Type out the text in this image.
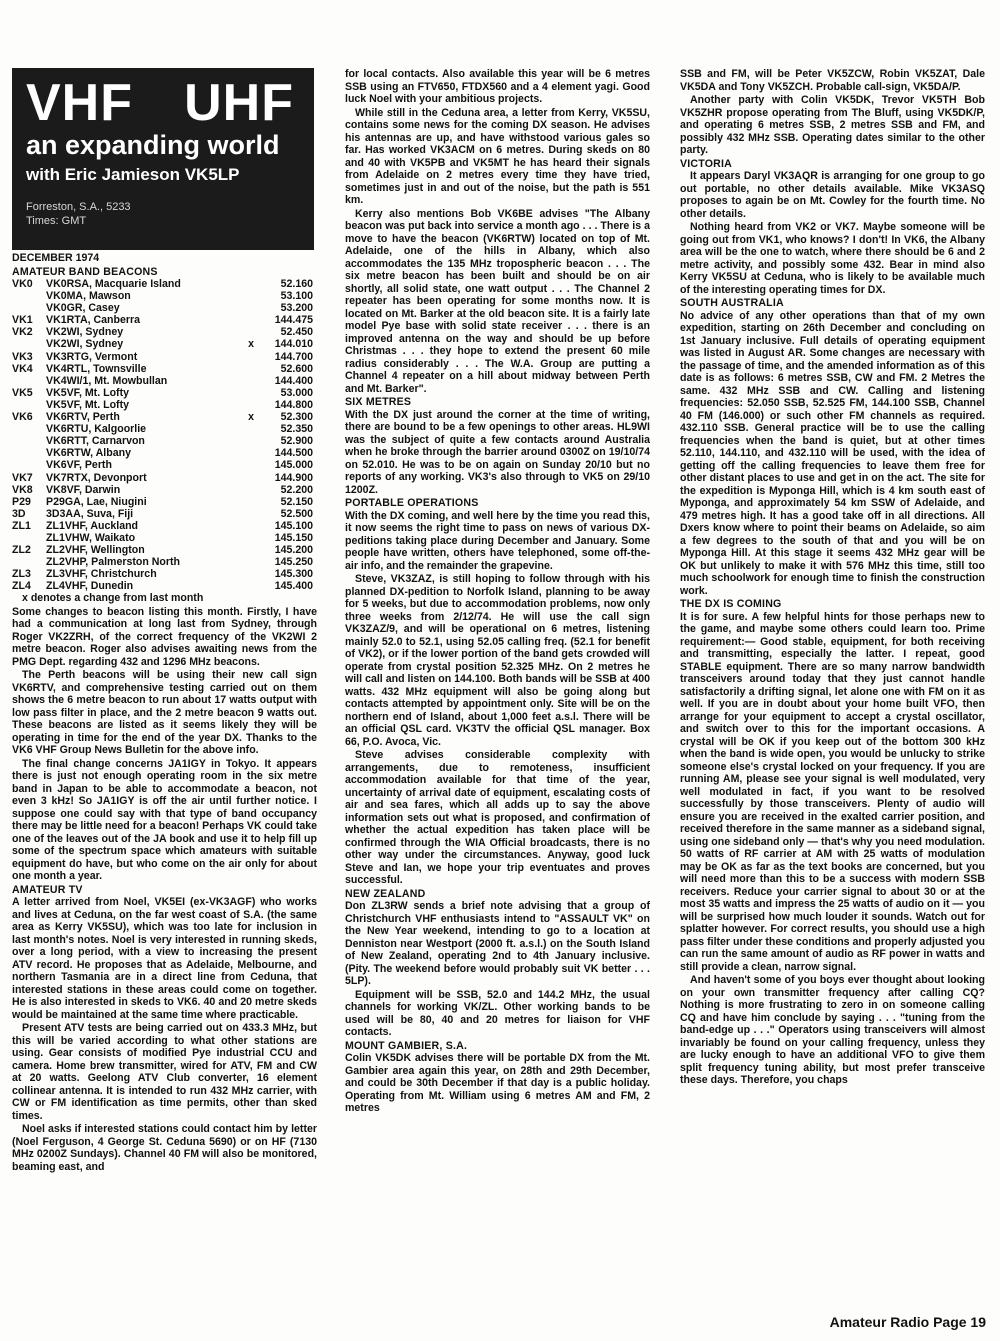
VHF UHF
an expanding world
with Eric Jamieson VK5LP
Forreston, S.A., 5233
Times: GMT
DECEMBER 1974
AMATEUR BAND BEACONS
VK0	VK0RSA, Macquarie Island		52.160
	VK0MA, Mawson		53.100
	VK0GR, Casey		53.200
VK1	VK1RTA, Canberra		144.475
VK2	VK2WI, Sydney		52.450
	VK2WI, Sydney	x	144.010
VK3	VK3RTG, Vermont		144.700
VK4	VK4RTL, Townsville		52.600
	VK4WI/1, Mt. Mowbullan		144.400
VK5	VK5VF, Mt. Lofty		53.000
	VK5VF, Mt. Lofty		144.800
VK6	VK6RTV, Perth	x	52.300
	VK6RTU, Kalgoorlie		52.350
	VK6RTT, Carnarvon		52.900
	VK6RTW, Albany		144.500
	VK6VF, Perth		145.000
VK7	VK7RTX, Devonport		144.900
VK8	VK8VF, Darwin		52.200
P29	P29GA, Lae, Niugini		52.150
3D	3D3AA, Suva, Fiji		52.500
ZL1	ZL1VHF, Auckland		145.100
	ZL1VHW, Waikato		145.150
ZL2	ZL2VHF, Wellington		145.200
	ZL2VHP, Palmerston North		145.250
ZL3	ZL3VHF, Christchurch		145.300
ZL4	ZL4VHF, Dunedin		145.400

x denotes a change from last month

Some changes to beacon listing this month. Firstly, I have had a communication at long last from Sydney, through Roger VK2ZRH, of the correct frequency of the VK2WI 2 metre beacon. Roger also advises awaiting news from the PMG Dept. regarding 432 and 1296 MHz beacons.

The Perth beacons will be using their new call sign VK6RTV, and comprehensive testing carried out on them shows the 6 metre beacon to run about 17 watts output with low pass filter in place, and the 2 metre beacon 9 watts out. These beacons are listed as it seems likely they will be operating in time for the end of the year DX. Thanks to the VK6 VHF Group News Bulletin for the above info.

The final change concerns JA1IGY in Tokyo. It appears there is just not enough operating room in the six metre band in Japan to be able to accommodate a beacon, not even 3 kHz! So JA1IGY is off the air until further notice. I suppose one could say with that type of band occupancy there may be little need for a beacon! Perhaps VK could take one of the leaves out of the JA book and use it to help fill up some of the spectrum space which amateurs with suitable equipment do have, but who come on the air only for about one month a year.

AMATEUR TV

A letter arrived from Noel, VK5EI (ex-VK3AGF) who works and lives at Ceduna, on the far west coast of S.A. (the same area as Kerry VK5SU), which was too late for inclusion in last month's notes. Noel is very interested in running skeds, over a long period, with a view to increasing the present ATV record. He proposes that as Adelaide, Melbourne, and northern Tasmania are in a direct line from Ceduna, that interested stations in these areas could come on together. He is also interested in skeds to VK6. 40 and 20 metre skeds would be maintained at the same time where practicable.

Present ATV tests are being carried out on 433.3 MHz, but this will be varied according to what other stations are using. Gear consists of modified Pye industrial CCU and camera. Home brew transmitter, wired for ATV, FM and CW at 20 watts. Geelong ATV Club converter, 16 element collinear antenna. It is intended to run 432 MHz carrier, with CW or FM identification as time permits, other than sked times.

Noel asks if interested stations could contact him by letter (Noel Ferguson, 4 George St. Ceduna 5690) or on HF (7130 MHz 0200Z Sundays). Channel 40 FM will also be monitored, beaming east, and

for local contacts. Also available this year will be 6 metres SSB using an FTV650, FTDX560 and a 4 element yagi. Good luck Noel with your ambitious projects.

While still in the Ceduna area, a letter from Kerry, VK5SU, contains some news for the coming DX season. He advises his antennas are up, and have withstood various gales so far. Has worked VK3ACM on 6 metres. During skeds on 80 and 40 with VK5PB and VK5MT he has heard their signals from Adelaide on 2 metres every time they have tried, sometimes just in and out of the noise, but the path is 551 km.

Kerry also mentions Bob VK6BE advises "The Albany beacon was put back into service a month ago . . . There is a move to have the beacon (VK6RTW) located on top of Mt. Adelaide, one of the hills in Albany, which also accommodates the 135 MHz tropospheric beacon . . . The six metre beacon has been built and should be on air shortly, all solid state, one watt output . . . The Channel 2 repeater has been operating for some months now. It is located on Mt. Barker at the old beacon site. It is a fairly late model Pye base with solid state receiver . . . there is an improved antenna on the way and should be up before Christmas . . . they hope to extend the present 60 mile radius considerably . . . The W.A. Group are putting a Channel 4 repeater on a hill about midway between Perth and Mt. Barker".

SIX METRES

With the DX just around the corner at the time of writing, there are bound to be a few openings to other areas. HL9WI was the subject of quite a few contacts around Australia when he broke through the barrier around 0300Z on 19/10/74 on 52.010. He was to be on again on Sunday 20/10 but no reports of any working. VK3's also through to VK5 on 29/10 1200Z.

PORTABLE OPERATIONS

With the DX coming, and well here by the time you read this, it now seems the right time to pass on news of various DX-peditions taking place during December and January. Some people have written, others have telephoned, some off-the-air info, and the remainder the grapevine.

Steve, VK3ZAZ, is still hoping to follow through with his planned DX-pedition to Norfolk Island, planning to be away for 5 weeks, but due to accommodation problems, now only three weeks from 2/12/74. He will use the call sign VK3ZAZ/9, and will be operational on 6 metres, listening mainly 52.0 to 52.1, using 52.05 calling freq. (52.1 for benefit of VK2), or if the lower portion of the band gets crowded will operate from crystal position 52.325 MHz. On 2 metres he will call and listen on 144.100. Both bands will be SSB at 400 watts. 432 MHz equipment will also be going along but contacts attempted by appointment only. Site will be on the northern end of Island, about 1,000 feet a.s.l. There will be an official QSL card. VK3TV the official QSL manager. Box 66, P.O. Avoca, Vic.

Steve advises considerable complexity with arrangements, due to remoteness, insufficient accommodation available for that time of the year, uncertainty of arrival date of equipment, escalating costs of air and sea fares, which all adds up to say the above information sets out what is proposed, and confirmation of whether the actual expedition has taken place will be confirmed through the WIA Official broadcasts, there is no other way under the circumstances. Anyway, good luck Steve and Ian, we hope your trip eventuates and proves successful.

NEW ZEALAND

Don ZL3RW sends a brief note advising that a group of Christchurch VHF enthusiasts intend to "ASSAULT VK" on the New Year weekend, intending to go to a location at Denniston near Westport (2000 ft. a.s.l.) on the South Island of New Zealand, operating 2nd to 4th January inclusive. (Pity. The weekend before would probably suit VK better . . . 5LP).

Equipment will be SSB, 52.0 and 144.2 MHz, the usual channels for working VK/ZL. Other working bands to be used will be 80, 40 and 20 metres for liaison for VHF contacts.

MOUNT GAMBIER, S.A.

Colin VK5DK advises there will be portable DX from the Mt. Gambier area again this year, on 28th and 29th December, and could be 30th December if that day is a public holiday. Operating from Mt. William using 6 metres AM and FM, 2 metres

SSB and FM, will be Peter VK5ZCW, Robin VK5ZAT, Dale VK5DA and Tony VK5ZCH. Probable call-sign, VK5DA/P.

Another party with Colin VK5DK, Trevor VK5TH Bob VK5ZHR propose operating from The Bluff, using VK5DK/P, and operating 6 metres SSB, 2 metres SSB and FM, and possibly 432 MHz SSB. Operating dates similar to the other party.

VICTORIA

It appears Daryl VK3AQR is arranging for one group to go out portable, no other details available. Mike VK3ASQ proposes to again be on Mt. Cowley for the fourth time. No other details.

Nothing heard from VK2 or VK7. Maybe someone will be going out from VK1, who knows? I don't! In VK6, the Albany area will be the one to watch, where there should be 6 and 2 metre activity, and possibly some 432. Bear in mind also Kerry VK5SU at Ceduna, who is likely to be available much of the interesting operating times for DX.

SOUTH AUSTRALIA

No advice of any other operations than that of my own expedition, starting on 26th December and concluding on 1st January inclusive. Full details of operating equipment was listed in August AR. Some changes are necessary with the passage of time, and the amended information as of this date is as follows: 6 metres SSB, CW and FM. 2 Metres the same. 432 MHz SSB and CW. Calling and listening frequencies: 52.050 SSB, 52.525 FM, 144.100 SSB, Channel 40 FM (146.000) or such other FM channels as required. 432.110 SSB. General practice will be to use the calling frequencies when the band is quiet, but at other times 52.110, 144.110, and 432.110 will be used, with the idea of getting off the calling frequencies to leave them free for other distant places to use and get in on the act. The site for the expedition is Myponga Hill, which is 4 km south east of Myponga, and approximately 54 km SSW of Adelaide, and 479 metres high. It has a good take off in all directions. All Dxers know where to point their beams on Adelaide, so aim a few degrees to the south of that and you will be on Myponga Hill. At this stage it seems 432 MHz gear will be OK but unlikely to make it with 576 MHz this time, still too much schoolwork for enough time to finish the construction work.

THE DX IS COMING

It is for sure. A few helpful hints for those perhaps new to the game, and maybe some others could learn too. Prime requirement:— Good stable, equipment, for both receiving and transmitting, especially the latter. I repeat, good STABLE equipment. There are so many narrow bandwidth transceivers around today that they just cannot handle satisfactorily a drifting signal, let alone one with FM on it as well. If you are in doubt about your home built VFO, then arrange for your equipment to accept a crystal oscillator, and switch over to this for the important occasions. A crystal will be OK if you keep out of the bottom 300 kHz when the band is wide open, you would be unlucky to strike someone else's crystal locked on your frequency. If you are running AM, please see your signal is well modulated, very well modulated in fact, if you want to be resolved successfully by those transceivers. Plenty of audio will ensure you are received in the exalted carrier position, and received therefore in the same manner as a sideband signal, using one sideband only — that's why you need modulation. 50 watts of RF carrier at AM with 25 watts of modulation may be OK as far as the text books are concerned, but you will need more than this to be a success with modern SSB receivers. Reduce your carrier signal to about 30 or at the most 35 watts and impress the 25 watts of audio on it — you will be surprised how much louder it sounds. Watch out for splatter however. For correct results, you should use a high pass filter under these conditions and properly adjusted you can run the same amount of audio as RF power in watts and still provide a clean, narrow signal.

And haven't some of you boys ever thought about looking on your own transmitter frequency after calling CQ? Nothing is more frustrating to zero in on someone calling CQ and have him conclude by saying . . . "tuning from the band-edge up . . ." Operators using transceivers will almost invariably be found on your calling frequency, unless they are lucky enough to have an additional VFO to give them split frequency tuning ability, but most prefer transceive these days. Therefore, you chaps

Amateur Radio Page 19
